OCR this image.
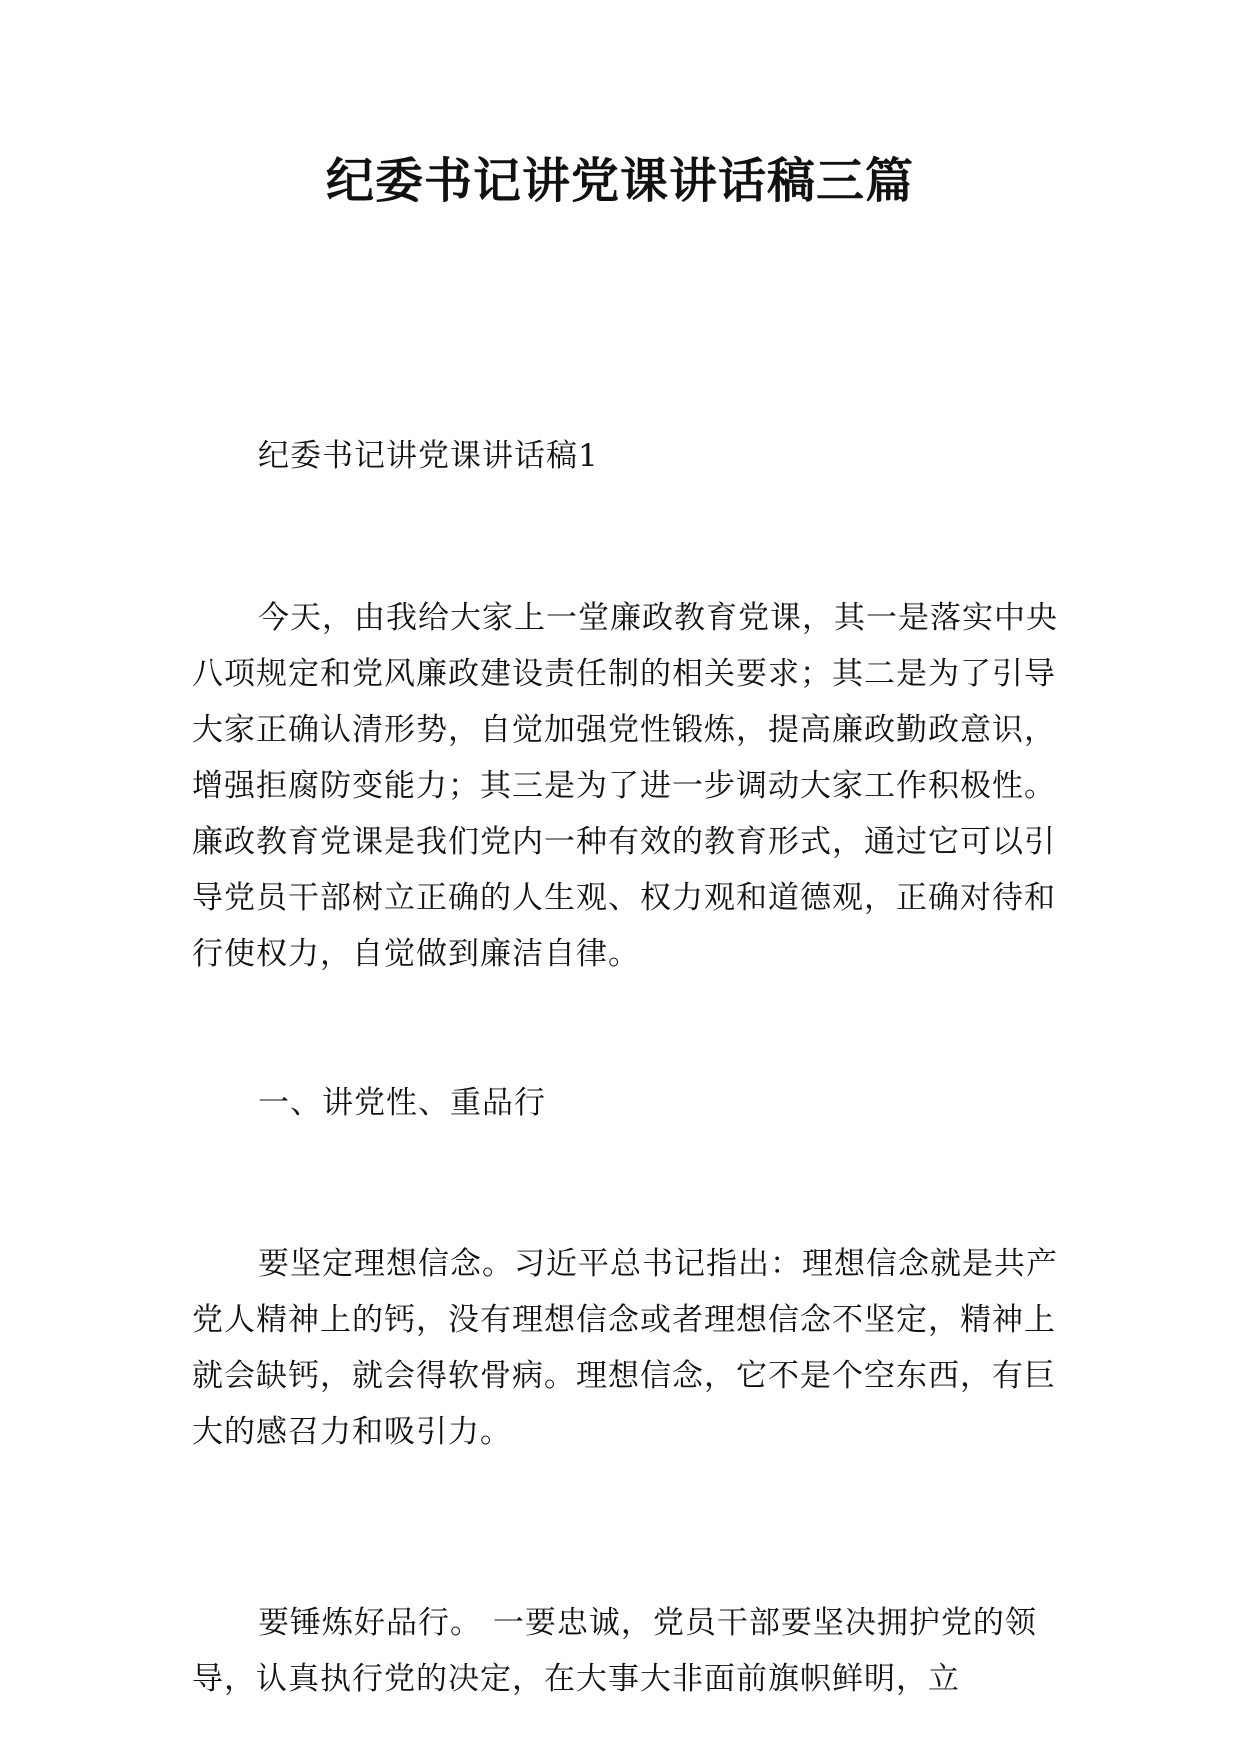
纪委书记讲党课讲话稿三篇

纪委书记讲党课讲话稿1

今天，由我给大家上一堂廉政教育党课，其一是落实中央八项规定和党风廉政建设责任制的相关要求；其二是为了引导大家正确认清形势，自觉加强党性锻炼，提高廉政勤政意识，增强拒腐防变能力；其三是为了进一步调动大家工作积极性。廉政教育党课是我们党内一种有效的教育形式，通过它可以引导党员干部树立正确的人生观、权力观和道德观，正确对待和行使权力，自觉做到廉洁自律。

一、讲党性、重品行

要坚定理想信念。习近平总书记指出：理想信念就是共产党人精神上的钙，没有理想信念或者理想信念不坚定，精神上就会缺钙，就会得软骨病。理想信念，它不是个空东西，有巨大的感召力和吸引力。

要锤炼好品行。 一要忠诚，党员干部要坚决拥护党的领 导，认真执行党的决定，在大事大非面前旗帜鲜明，立
